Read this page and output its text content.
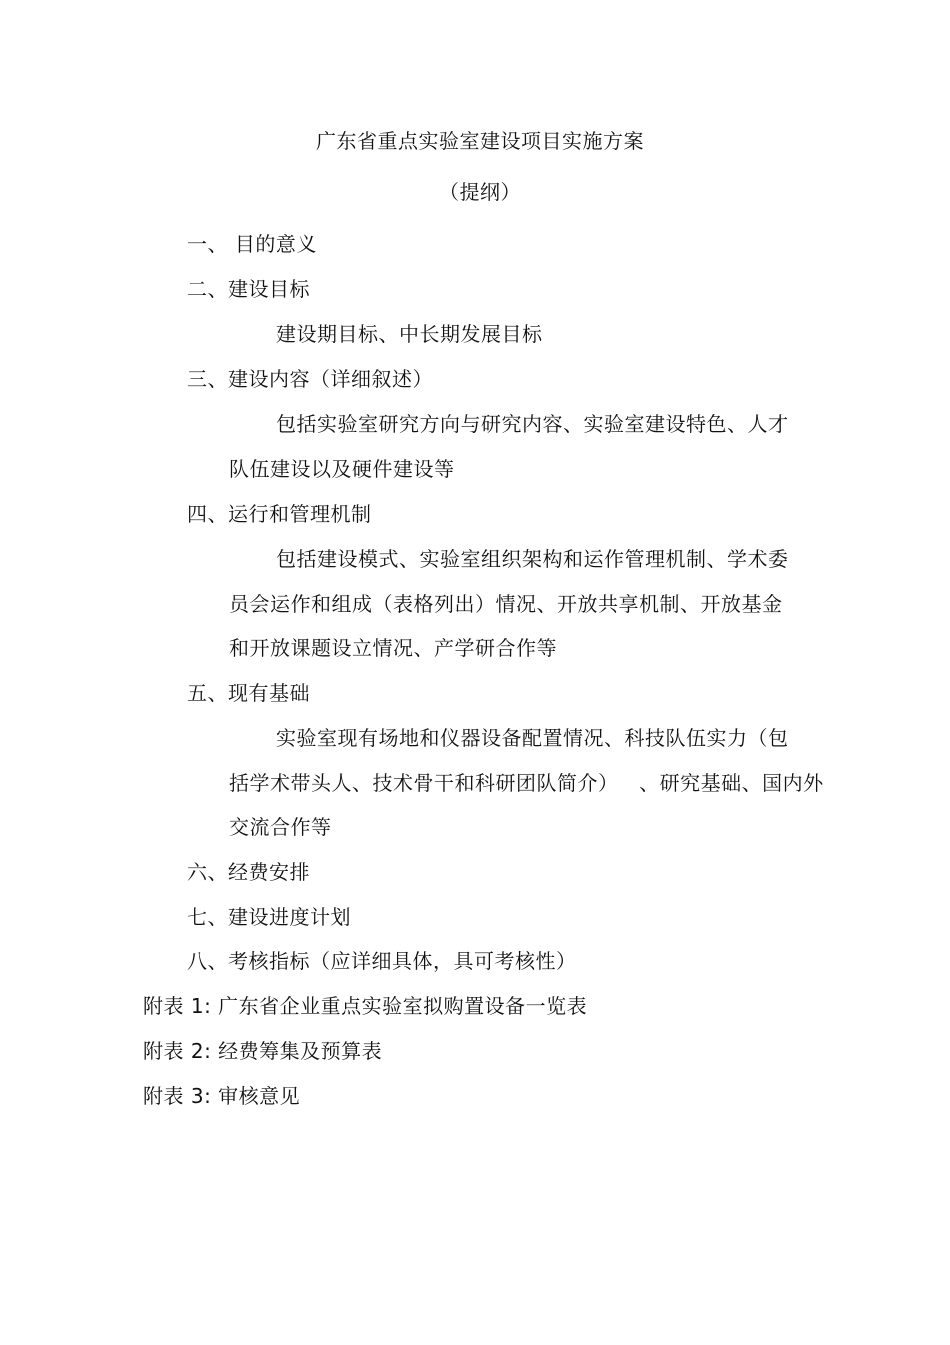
广东省重点实验室建设项目实施方案
（提纲）
一、 目的意义
二、建设目标
建设期目标、中长期发展目标
三、建设内容（详细叙述）
包括实验室研究方向与研究内容、实验室建设特色、人才
队伍建设以及硬件建设等
四、运行和管理机制
包括建设模式、实验室组织架构和运作管理机制、学术委
员会运作和组成（表格列出）情况、开放共享机制、开放基金
和开放课题设立情况、产学研合作等
五、现有基础
实验室现有场地和仪器设备配置情况、科技队伍实力（包
括学术带头人、技术骨干和科研团队简介）   、研究基础、国内外
交流合作等
六、经费安排
七、建设进度计划
八、考核指标（应详细具体，具可考核性）
附表 1: 广东省企业重点实验室拟购置设备一览表
附表 2: 经费筹集及预算表
附表 3: 审核意见
